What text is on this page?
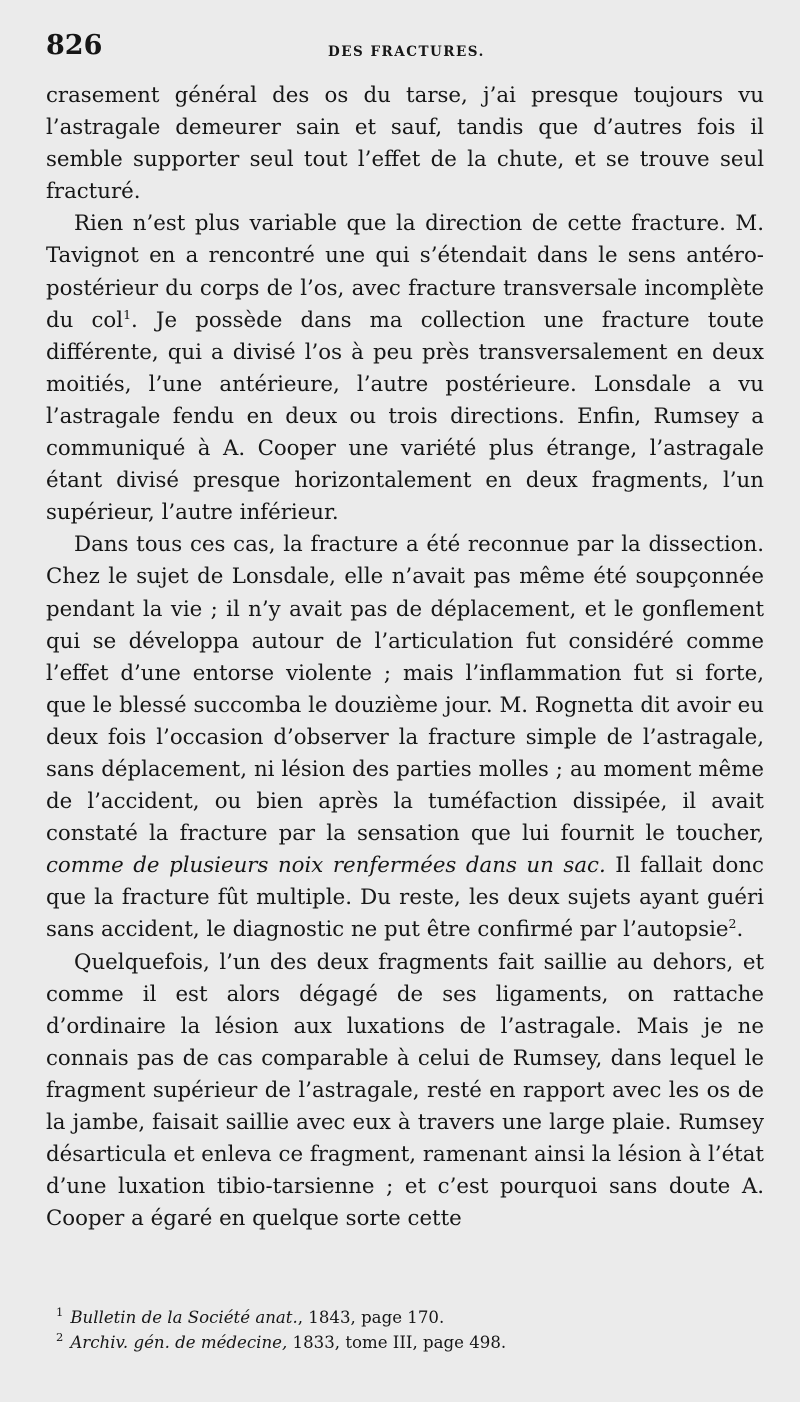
826	DES FRACTURES.

crasement général des os du tarse, j’ai presque toujours vu l’astragale demeurer sain et sauf, tandis que d’autres fois il semble supporter seul tout l’effet de la chute, et se trouve seul fracturé.

Rien n’est plus variable que la direction de cette fracture. M. Tavignot en a rencontré une qui s’étendait dans le sens antéro-postérieur du corps de l’os, avec fracture transversale incomplète du col$^1$. Je possède dans ma collection une fracture toute différente, qui a divisé l’os à peu près transversalement en deux moitiés, l’une antérieure, l’autre postérieure. Lonsdale a vu l’astragale fendu en deux ou trois directions. Enfin, Rumsey a communiqué à A. Cooper une variété plus étrange, l’astragale étant divisé presque horizontalement en deux fragments, l’un supérieur, l’autre inférieur.

Dans tous ces cas, la fracture a été reconnue par la dissection. Chez le sujet de Lonsdale, elle n’avait pas même été soupçonnée pendant la vie ; il n’y avait pas de déplacement, et le gonflement qui se développa autour de l’articulation fut considéré comme l’effet d’une entorse violente ; mais l’inflammation fut si forte, que le blessé succomba le douzième jour. M. Rognetta dit avoir eu deux fois l’occasion d’observer la fracture simple de l’astragale, sans déplacement, ni lésion des parties molles ; au moment même de l’accident, ou bien après la tuméfaction dissipée, il avait constaté la fracture par la sensation que lui fournit le toucher, comme de plusieurs noix renfermées dans un sac. Il fallait donc que la fracture fût multiple. Du reste, les deux sujets ayant guéri sans accident, le diagnostic ne put être confirmé par l’autopsie$^2$.

Quelquefois, l’un des deux fragments fait saillie au dehors, et comme il est alors dégagé de ses ligaments, on rattache d’ordinaire la lésion aux luxations de l’astragale. Mais je ne connais pas de cas comparable à celui de Rumsey, dans lequel le fragment supérieur de l’astragale, resté en rapport avec les os de la jambe, faisait saillie avec eux à travers une large plaie. Rumsey désarticula et enleva ce fragment, ramenant ainsi la lésion à l’état d’une luxation tibio-tarsienne ; et c’est pourquoi sans doute A. Cooper a égaré en quelque sorte cette

$^1$ Bulletin de la Société anat., 1843, page 170.

$^2$ Archiv. gén. de médecine, 1833, tome III, page 498.
